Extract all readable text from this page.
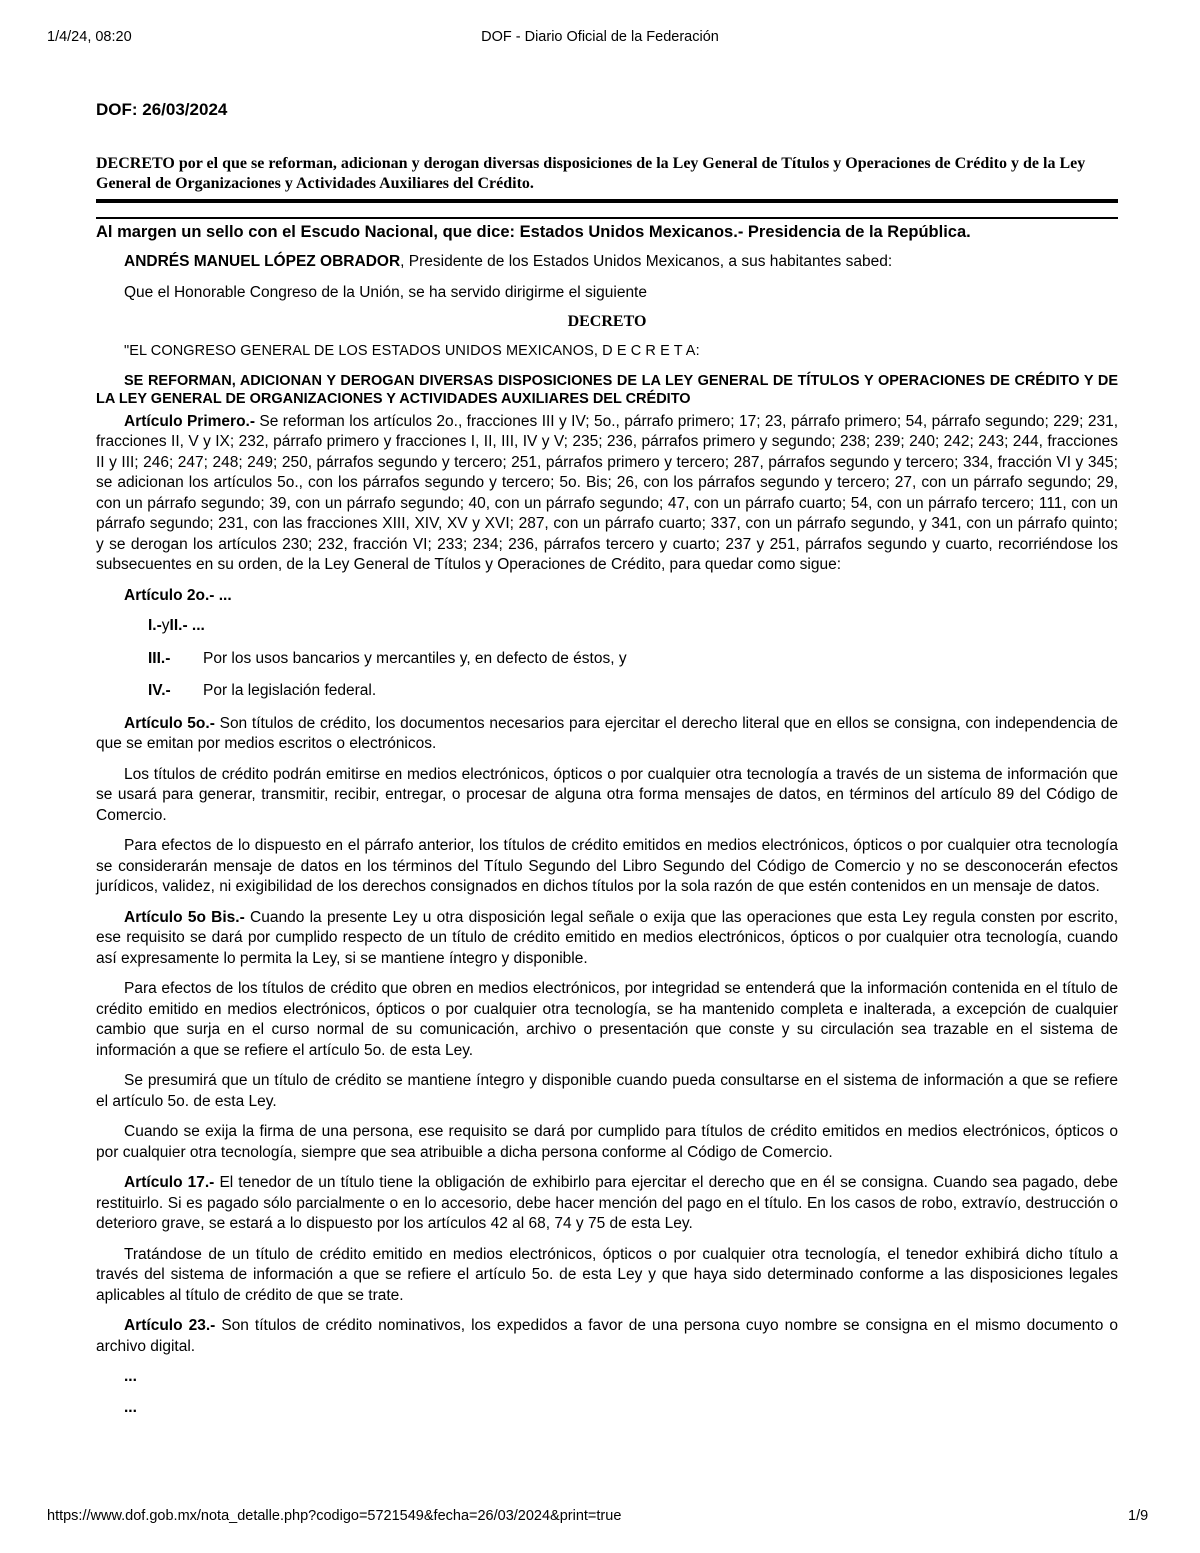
1/4/24, 08:20	DOF - Diario Oficial de la Federación
DOF: 26/03/2024
DECRETO por el que se reforman, adicionan y derogan diversas disposiciones de la Ley General de Títulos y Operaciones de Crédito y de la Ley General de Organizaciones y Actividades Auxiliares del Crédito.
Al margen un sello con el Escudo Nacional, que dice: Estados Unidos Mexicanos.- Presidencia de la República.

ANDRÉS MANUEL LÓPEZ OBRADOR, Presidente de los Estados Unidos Mexicanos, a sus habitantes sabed:

Que el Honorable Congreso de la Unión, se ha servido dirigirme el siguiente

DECRETO

"EL CONGRESO GENERAL DE LOS ESTADOS UNIDOS MEXICANOS, D E C R E T A:

SE REFORMAN, ADICIONAN Y DEROGAN DIVERSAS DISPOSICIONES DE LA LEY GENERAL DE TÍTULOS Y OPERACIONES DE CRÉDITO Y DE LA LEY GENERAL DE ORGANIZACIONES Y ACTIVIDADES AUXILIARES DEL CRÉDITO

Artículo Primero.- Se reforman los artículos 2o., fracciones III y IV; 5o., párrafo primero; 17; 23, párrafo primero; 54, párrafo segundo; 229; 231, fracciones II, V y IX; 232, párrafo primero y fracciones I, II, III, IV y V; 235; 236, párrafos primero y segundo; 238; 239; 240; 242; 243; 244, fracciones II y III; 246; 247; 248; 249; 250, párrafos segundo y tercero; 251, párrafos primero y tercero; 287, párrafos segundo y tercero; 334, fracción VI y 345; se adicionan los artículos 5o., con los párrafos segundo y tercero; 5o. Bis; 26, con los párrafos segundo y tercero; 27, con un párrafo segundo; 29, con un párrafo segundo; 39, con un párrafo segundo; 40, con un párrafo segundo; 47, con un párrafo cuarto; 54, con un párrafo tercero; 111, con un párrafo segundo; 231, con las fracciones XIII, XIV, XV y XVI; 287, con un párrafo cuarto; 337, con un párrafo segundo, y 341, con un párrafo quinto; y se derogan los artículos 230; 232, fracción VI; 233; 234; 236, párrafos tercero y cuarto; 237 y 251, párrafos segundo y cuarto, recorriéndose los subsecuentes en su orden, de la Ley General de Títulos y Operaciones de Crédito, para quedar como sigue:

Artículo 2o.- ...

I.- y II.- ...
III.-	Por los usos bancarios y mercantiles y, en defecto de éstos, y
IV.-	Por la legislación federal.

Artículo 5o.- Son títulos de crédito, los documentos necesarios para ejercitar el derecho literal que en ellos se consigna, con independencia de que se emitan por medios escritos o electrónicos.

Los títulos de crédito podrán emitirse en medios electrónicos, ópticos o por cualquier otra tecnología a través de un sistema de información que se usará para generar, transmitir, recibir, entregar, o procesar de alguna otra forma mensajes de datos, en términos del artículo 89 del Código de Comercio.

Para efectos de lo dispuesto en el párrafo anterior, los títulos de crédito emitidos en medios electrónicos, ópticos o por cualquier otra tecnología se considerarán mensaje de datos en los términos del Título Segundo del Libro Segundo del Código de Comercio y no se desconocerán efectos jurídicos, validez, ni exigibilidad de los derechos consignados en dichos títulos por la sola razón de que estén contenidos en un mensaje de datos.

Artículo 5o Bis.- Cuando la presente Ley u otra disposición legal señale o exija que las operaciones que esta Ley regula consten por escrito, ese requisito se dará por cumplido respecto de un título de crédito emitido en medios electrónicos, ópticos o por cualquier otra tecnología, cuando así expresamente lo permita la Ley, si se mantiene íntegro y disponible.

Para efectos de los títulos de crédito que obren en medios electrónicos, por integridad se entenderá que la información contenida en el título de crédito emitido en medios electrónicos, ópticos o por cualquier otra tecnología, se ha mantenido completa e inalterada, a excepción de cualquier cambio que surja en el curso normal de su comunicación, archivo o presentación que conste y su circulación sea trazable en el sistema de información a que se refiere el artículo 5o. de esta Ley.

Se presumirá que un título de crédito se mantiene íntegro y disponible cuando pueda consultarse en el sistema de información a que se refiere el artículo 5o. de esta Ley.

Cuando se exija la firma de una persona, ese requisito se dará por cumplido para títulos de crédito emitidos en medios electrónicos, ópticos o por cualquier otra tecnología, siempre que sea atribuible a dicha persona conforme al Código de Comercio.

Artículo 17.- El tenedor de un título tiene la obligación de exhibirlo para ejercitar el derecho que en él se consigna. Cuando sea pagado, debe restituirlo. Si es pagado sólo parcialmente o en lo accesorio, debe hacer mención del pago en el título. En los casos de robo, extravío, destrucción o deterioro grave, se estará a lo dispuesto por los artículos 42 al 68, 74 y 75 de esta Ley.

Tratándose de un título de crédito emitido en medios electrónicos, ópticos o por cualquier otra tecnología, el tenedor exhibirá dicho título a través del sistema de información a que se refiere el artículo 5o. de esta Ley y que haya sido determinado conforme a las disposiciones legales aplicables al título de crédito de que se trate.

Artículo 23.- Son títulos de crédito nominativos, los expedidos a favor de una persona cuyo nombre se consigna en el mismo documento o archivo digital.

...

...

https://www.dof.gob.mx/nota_detalle.php?codigo=5721549&fecha=26/03/2024&print=true	1/9
